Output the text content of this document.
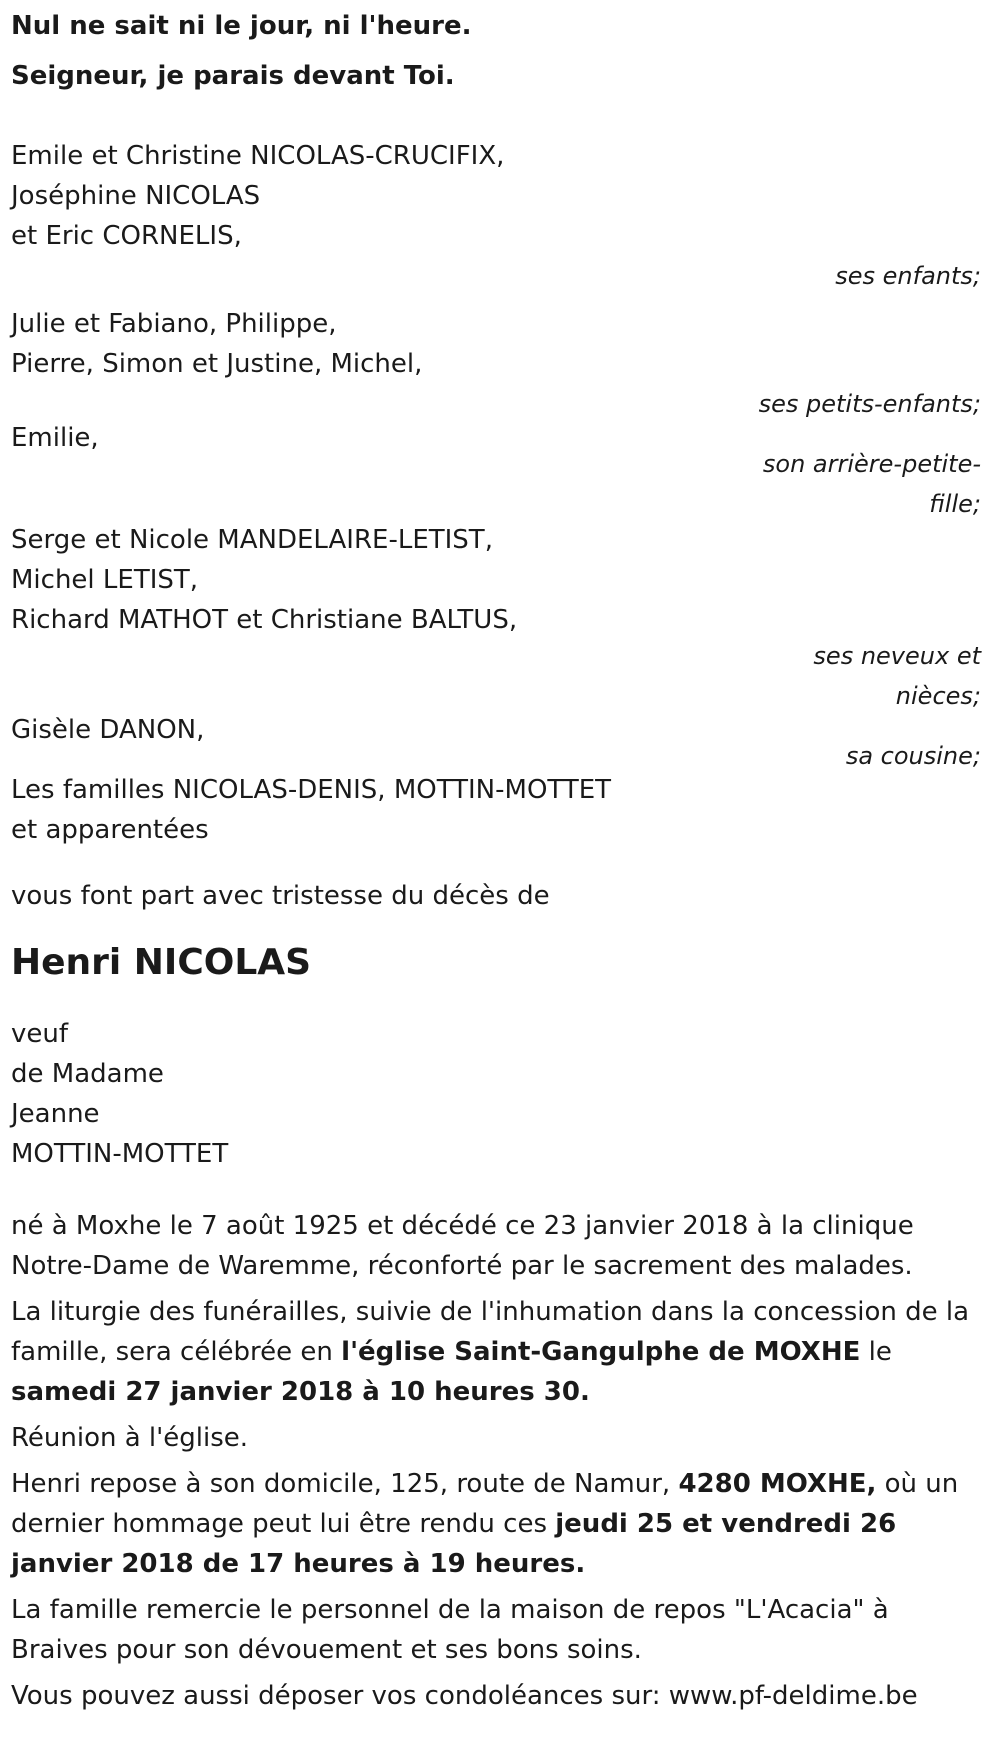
Nul ne sait ni le jour, ni l'heure.

Seigneur, je parais devant Toi.

Emile et Christine NICOLAS-CRUCIFIX,
Joséphine NICOLAS
et Eric CORNELIS,
ses enfants;
Julie et Fabiano, Philippe,
Pierre, Simon et Justine, Michel,
ses petits-enfants;
Emilie,
son arrière-petite-
fille;
Serge et Nicole MANDELAIRE-LETIST,
Michel LETIST,
Richard MATHOT et Christiane BALTUS,
ses neveux et
nièces;
Gisèle DANON,
sa cousine;
Les familles NICOLAS-DENIS, MOTTIN-MOTTET
et apparentées

vous font part avec tristesse du décès de

Henri NICOLAS
veuf
de Madame
Jeanne
MOTTIN-MOTTET

né à Moxhe le 7 août 1925 et décédé ce 23 janvier 2018 à la clinique Notre-Dame de Waremme, réconforté par le sacrement des malades.

La liturgie des funérailles, suivie de l'inhumation dans la concession de la famille, sera célébrée en l'église Saint-Gangulphe de MOXHE le samedi 27 janvier 2018 à 10 heures 30.

Réunion à l'église.

Henri repose à son domicile, 125, route de Namur, 4280 MOXHE, où un dernier hommage peut lui être rendu ces jeudi 25 et vendredi 26 janvier 2018 de 17 heures à 19 heures.

La famille remercie le personnel de la maison de repos "L'Acacia" à Braives pour son dévouement et ses bons soins.

Vous pouvez aussi déposer vos condoléances sur: www.pf-deldime.be
